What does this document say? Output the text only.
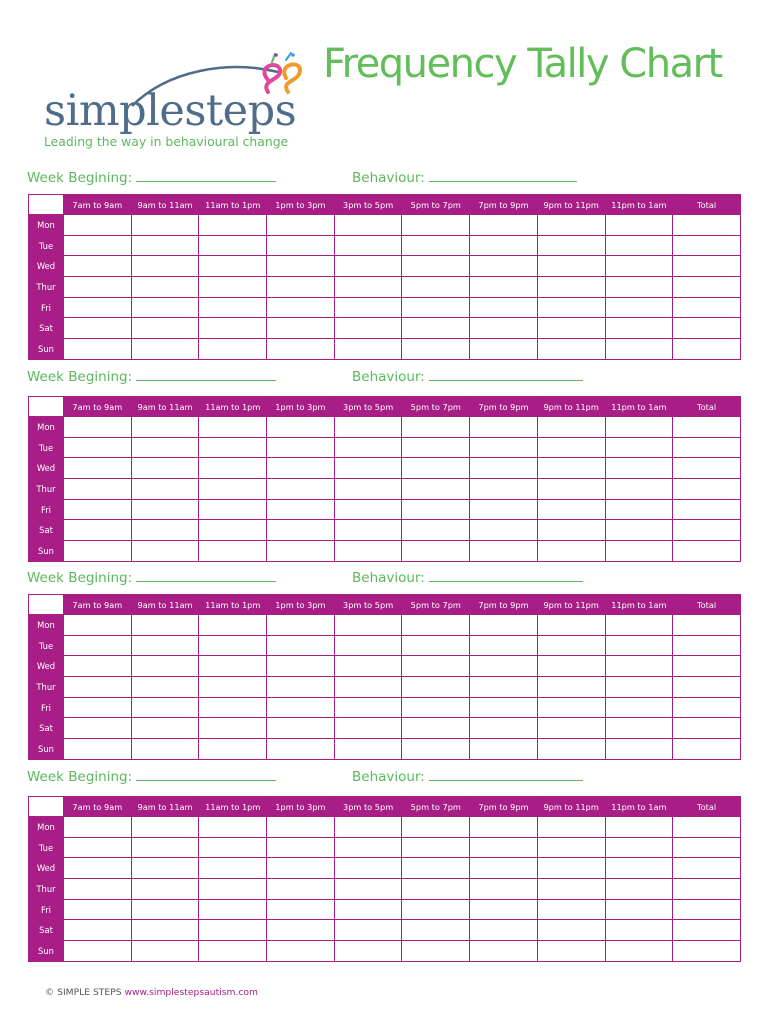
simplesteps
Leading the way in behavioural change
Frequency Tally Chart
Week Begining:	Behaviour:
	7am to 9am	9am to 11am	11am to 1pm	1pm to 3pm	3pm to 5pm	5pm to 7pm	7pm to 9pm	9pm to 11pm	11pm to 1am	Total
Mon										
Tue										
Wed										
Thur										
Fri										
Sat										
Sun										
Week Begining:	Behaviour:
	7am to 9am	9am to 11am	11am to 1pm	1pm to 3pm	3pm to 5pm	5pm to 7pm	7pm to 9pm	9pm to 11pm	11pm to 1am	Total
Mon										
Tue										
Wed										
Thur										
Fri										
Sat										
Sun										
Week Begining:	Behaviour:
	7am to 9am	9am to 11am	11am to 1pm	1pm to 3pm	3pm to 5pm	5pm to 7pm	7pm to 9pm	9pm to 11pm	11pm to 1am	Total
Mon										
Tue										
Wed										
Thur										
Fri										
Sat										
Sun										
Week Begining:	Behaviour:
	7am to 9am	9am to 11am	11am to 1pm	1pm to 3pm	3pm to 5pm	5pm to 7pm	7pm to 9pm	9pm to 11pm	11pm to 1am	Total
Mon										
Tue										
Wed										
Thur										
Fri										
Sat										
Sun										
© SIMPLE STEPS www.simplestepsautism.com
